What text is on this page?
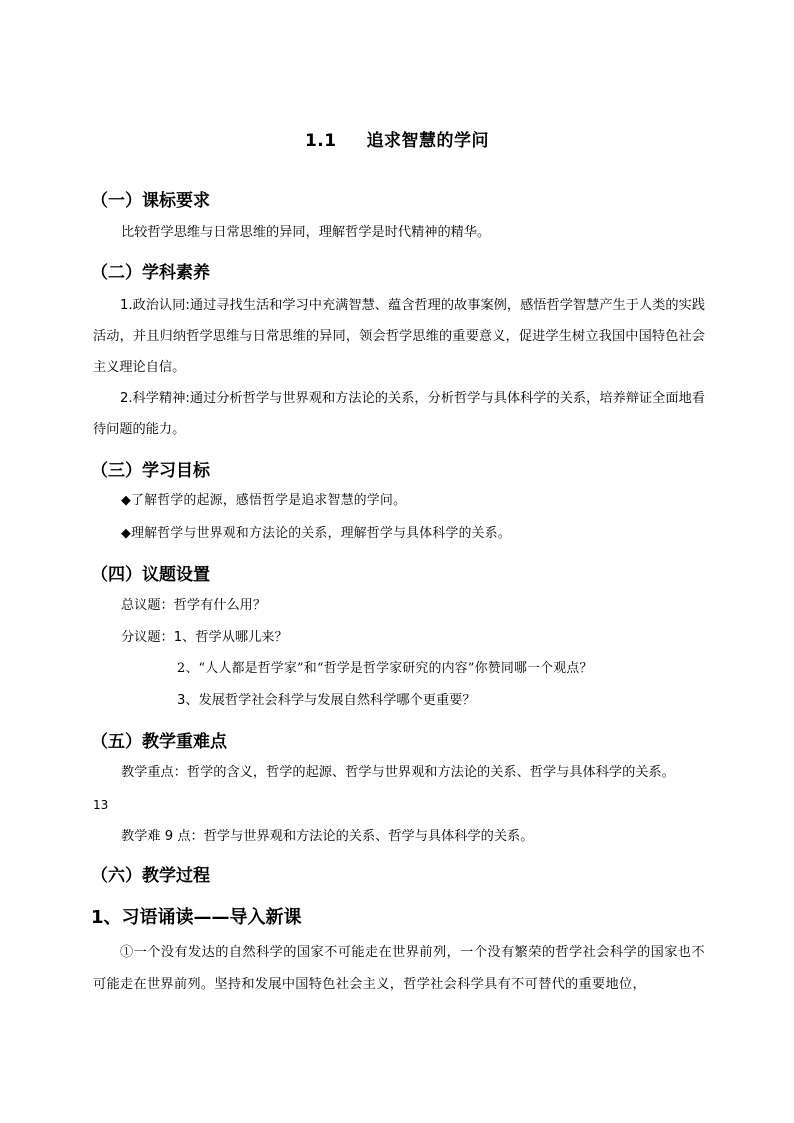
1.1 追求智慧的学问
（一）课标要求
比较哲学思维与日常思维的异同，理解哲学是时代精神的精华。
（二）学科素养
1.政治认同:通过寻找生活和学习中充满智慧、蕴含哲理的故事案例，感悟哲学智慧产生于人类的实践活动，并且归纳哲学思维与日常思维的异同，领会哲学思维的重要意义，促进学生树立我国中国特色社会主义理论自信。
2.科学精神:通过分析哲学与世界观和方法论的关系，分析哲学与具体科学的关系，培养辩证全面地看待问题的能力。
（三）学习目标
◆了解哲学的起源，感悟哲学是追求智慧的学问。
◆理解哲学与世界观和方法论的关系，理解哲学与具体科学的关系。
（四）议题设置
总议题：哲学有什么用？
分议题：1、哲学从哪儿来？
2、“人人都是哲学家”和“哲学是哲学家研究的内容”你赞同哪一个观点？
3、发展哲学社会科学与发展自然科学哪个更重要？
（五）教学重难点
教学重点：哲学的含义，哲学的起源、哲学与世界观和方法论的关系、哲学与具体科学的关系。
13
教学难 9 点：哲学与世界观和方法论的关系、哲学与具体科学的关系。
（六）教学过程
1、习语诵读——导入新课
①一个没有发达的自然科学的国家不可能走在世界前列，一个没有繁荣的哲学社会科学的国家也不可能走在世界前列。坚持和发展中国特色社会主义，哲学社会科学具有不可替代的重要地位，
